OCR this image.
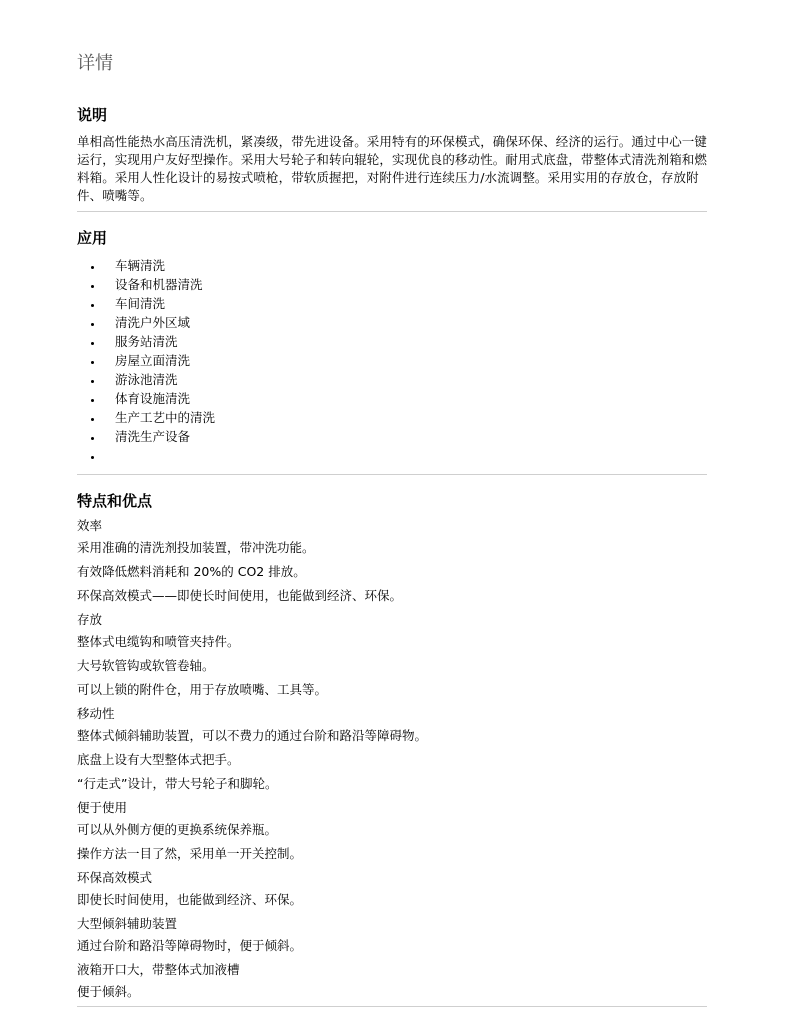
详情
说明

单相高性能热水高压清洗机，紧凑级，带先进设备。采用特有的环保模式，确保环保、经济的运行。通过中心一键运行，实现用户友好型操作。采用大号轮子和转向辊轮，实现优良的移动性。耐用式底盘，带整体式清洗剂箱和燃料箱。采用人性化设计的易按式喷枪，带软质握把，对附件进行连续压力/水流调整。采用实用的存放仓，存放附件、喷嘴等。

应用
车辆清洗
设备和机器清洗
车间清洗
清洗户外区域
服务站清洗
房屋立面清洗
游泳池清洗
体育设施清洗
生产工艺中的清洗
清洗生产设备
特点和优点
效率
采用准确的清洗剂投加装置，带冲洗功能。
有效降低燃料消耗和 20%的 CO2 排放。
环保高效模式——即使长时间使用，也能做到经济、环保。
存放
整体式电缆钩和喷管夹持件。
大号软管钩或软管卷轴。
可以上锁的附件仓，用于存放喷嘴、工具等。
移动性
整体式倾斜辅助装置，可以不费力的通过台阶和路沿等障碍物。
底盘上设有大型整体式把手。
“行走式”设计，带大号轮子和脚轮。
便于使用
可以从外侧方便的更换系统保养瓶。
操作方法一目了然，采用单一开关控制。
环保高效模式
即使长时间使用，也能做到经济、环保。
大型倾斜辅助装置
通过台阶和路沿等障碍物时，便于倾斜。
液箱开口大，带整体式加液槽
便于倾斜。
